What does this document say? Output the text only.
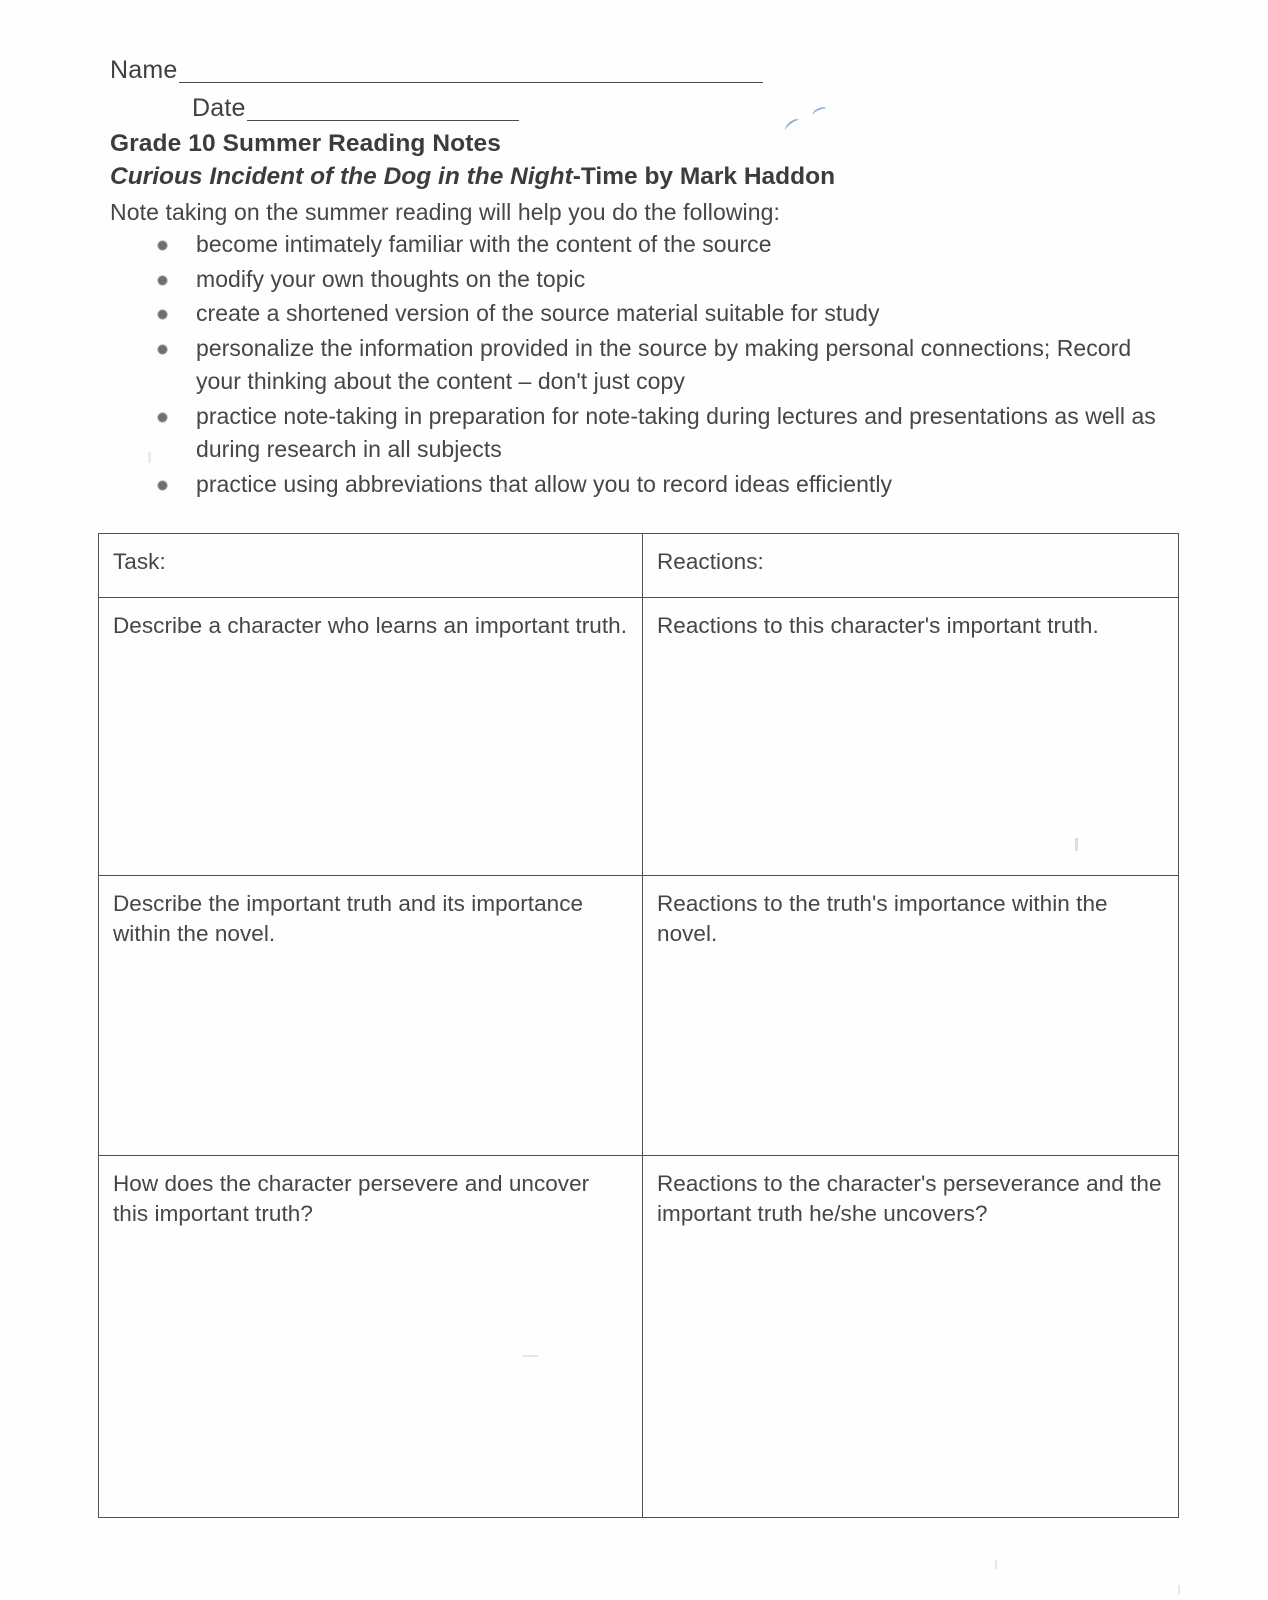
Name
Date
Grade 10 Summer Reading Notes
Curious Incident of the Dog in the Night-Time by Mark Haddon
Note taking on the summer reading will help you do the following:
become intimately familiar with the content of the source
modify your own thoughts on the topic
create a shortened version of the source material suitable for study
personalize the information provided in the source by making personal connections; Record your thinking about the content – don't just copy
practice note-taking in preparation for note-taking during lectures and presentations as well as during research in all subjects
practice using abbreviations that allow you to record ideas efficiently
Task:	Reactions:
Describe a character who learns an important truth.	Reactions to this character's important truth.
Describe the important truth and its importance within the novel.	Reactions to the truth's importance within the novel.
How does the character persevere and uncover this important truth?	Reactions to the character's perseverance and the important truth he/she uncovers?
